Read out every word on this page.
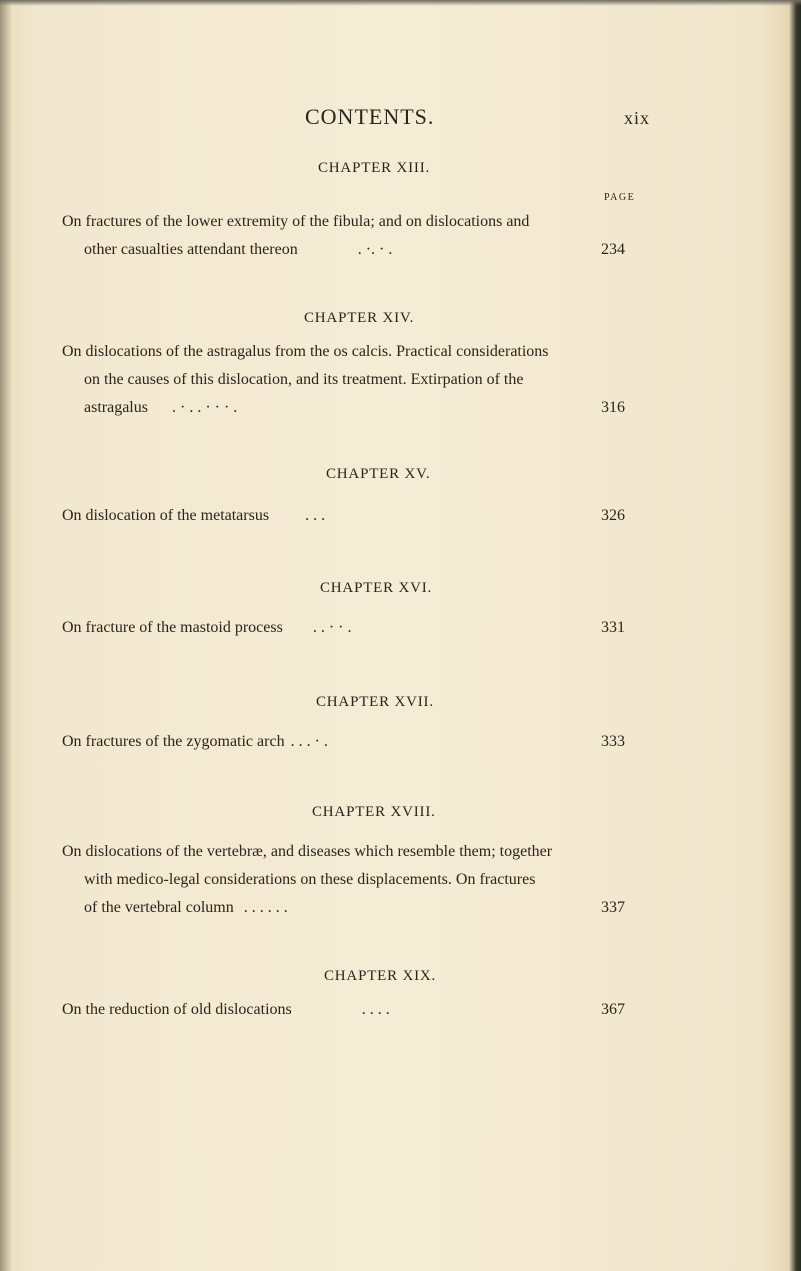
CONTENTS.	xix
PAGE
CHAPTER XIII.
On fractures of the lower extremity of the fibula; and on dislocations and
other casualties attendant thereon	. ·. · .	234
CHAPTER XIV.
On dislocations of the astragalus from the os calcis. Practical considerations
on the causes of this dislocation, and its treatment. Extirpation of the
astragalus . · . . · · · .	316
CHAPTER XV.
On dislocation of the metatarsus . . .	326
CHAPTER XVI.
On fracture of the mastoid process . . · · .	331
CHAPTER XVII.
On fractures of the zygomatic arch . . . · .	333
CHAPTER XVIII.
On dislocations of the vertebræ, and diseases which resemble them; together
with medico-legal considerations on these displacements. On fractures
of the vertebral column . . . . . .	337
CHAPTER XIX.
On the reduction of old dislocations	. . . .	367
